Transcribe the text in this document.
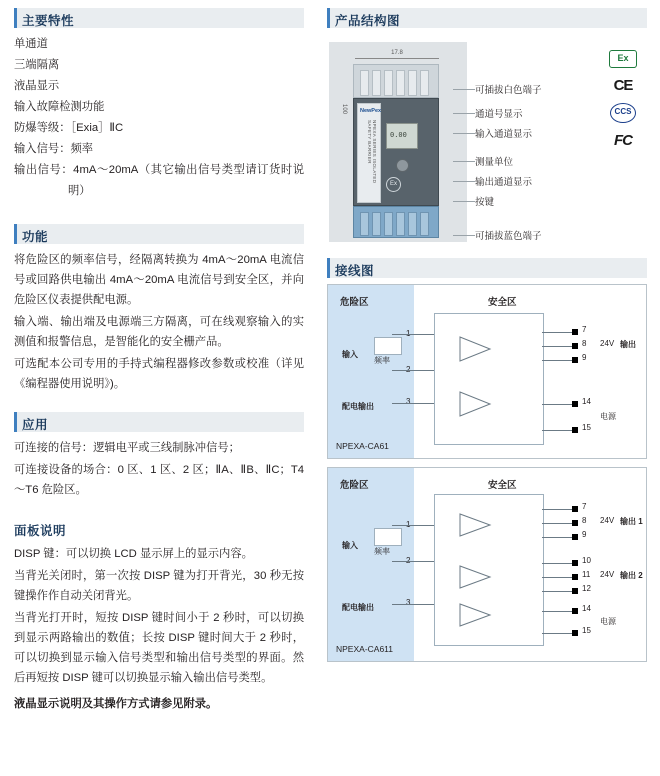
主要特性

单通道

三端隔离

液晶显示

输入故障检测功能

防爆等级：［Exia］ⅡC

输入信号：频率

输出信号：4mA～20mA（其它输出信号类型请订货时说明）

功能

将危险区的频率信号，经隔离转换为 4mA～20mA 电流信号或回路供电输出 4mA～20mA 电流信号到安全区，并向危险区仪表提供配电源。

输入端、输出端及电源端三方隔离，可在线观察输入的实测值和报警信息，是智能化的安全栅产品。

可选配本公司专用的手持式编程器修改参数或校准（详见《编程器使用说明》)。

应用

可连接的信号：逻辑电平或三线制脉冲信号；

可连接设备的场合：0 区、1 区、2 区；ⅡA、ⅡB、ⅡC；T4～T6 危险区。

面板说明

DISP 键：可以切换 LCD 显示屏上的显示内容。

当背光关闭时，第一次按 DISP 键为打开背光，30 秒无按键操作作自动关闭背光。

当背光打开时，短按 DISP 键时间小于 2 秒时，可以切换到显示两路输出的数值；长按 DISP 键时间大于 2 秒时，可以切换到显示输入信号类型和输出信号类型的界面。然后再短按 DISP 键可以切换显示输入输出信号类型。

液晶显示说明及其操作方式请参见附录。

产品结构图
17.8
100 NewPex
NPEXA SERIES ISOLATED SAFETY BARRIER	0.00
Ex
可插拔白色端子
通道号显示
输入通道显示
测量单位
输出通道显示
按键
可插拔蓝色端子
Ex
CE
CCS
FC
接线图
危险区	安全区
输入
频率
1
2
配电输出
3
NPEXA-CA61
7
8
9
24V 输出
14
15
电源
危险区	安全区
输入
频率
1
2
配电输出
3
NPEXA-CA611
7
8
9
24V 输出 1
10
11
12
24V 输出 2
14
15
电源
